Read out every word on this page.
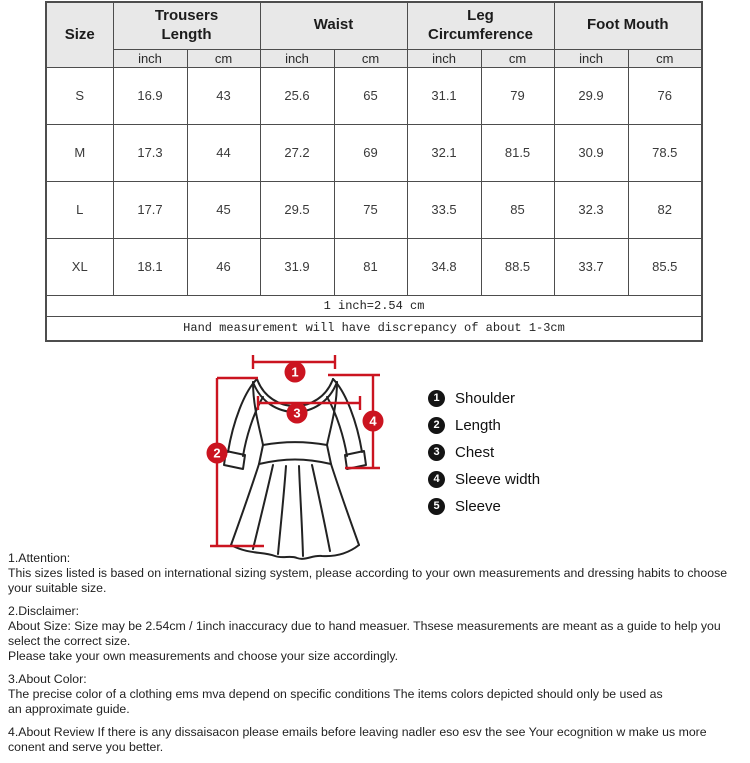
Size	Trousers Length		Waist		Leg Circumference		Foot Mouth	
	inch	cm	inch	cm	inch	cm	inch	cm
S	16.9	43	25.6	65	31.1	79	29.9	76
M	17.3	44	27.2	69	32.1	81.5	30.9	78.5
L	17.7	45	29.5	75	33.5	85	32.3	82
XL	18.1	46	31.9	81	34.8	88.5	33.7	85.5
1 inch=2.54 cm								
Hand measurement will have discrepancy of about 1-3cm								
1
2
3
4
1	Shoulder
2	Length
3	Chest
4	Sleeve width
5	Sleeve
1.Attention:
This sizes listed is based on international sizing system, please according to your own measurements and dressing habits to choose your suitable size.
2.Disclaimer:
About Size: Size may be 2.54cm / 1inch inaccuracy due to hand measuer. Thsese measurements are meant as a guide to help you select the correct size.
Please take your own measurements and choose your size accordingly.
3.About Color:
The precise color of a clothing ems mva depend on specific conditions The items colors depicted should only be used as
an approximate guide.
4.About Review If there is any dissaisacon please emails before leaving nadler eso esv the see Your ecognition w make us more
conent and serve you better.
